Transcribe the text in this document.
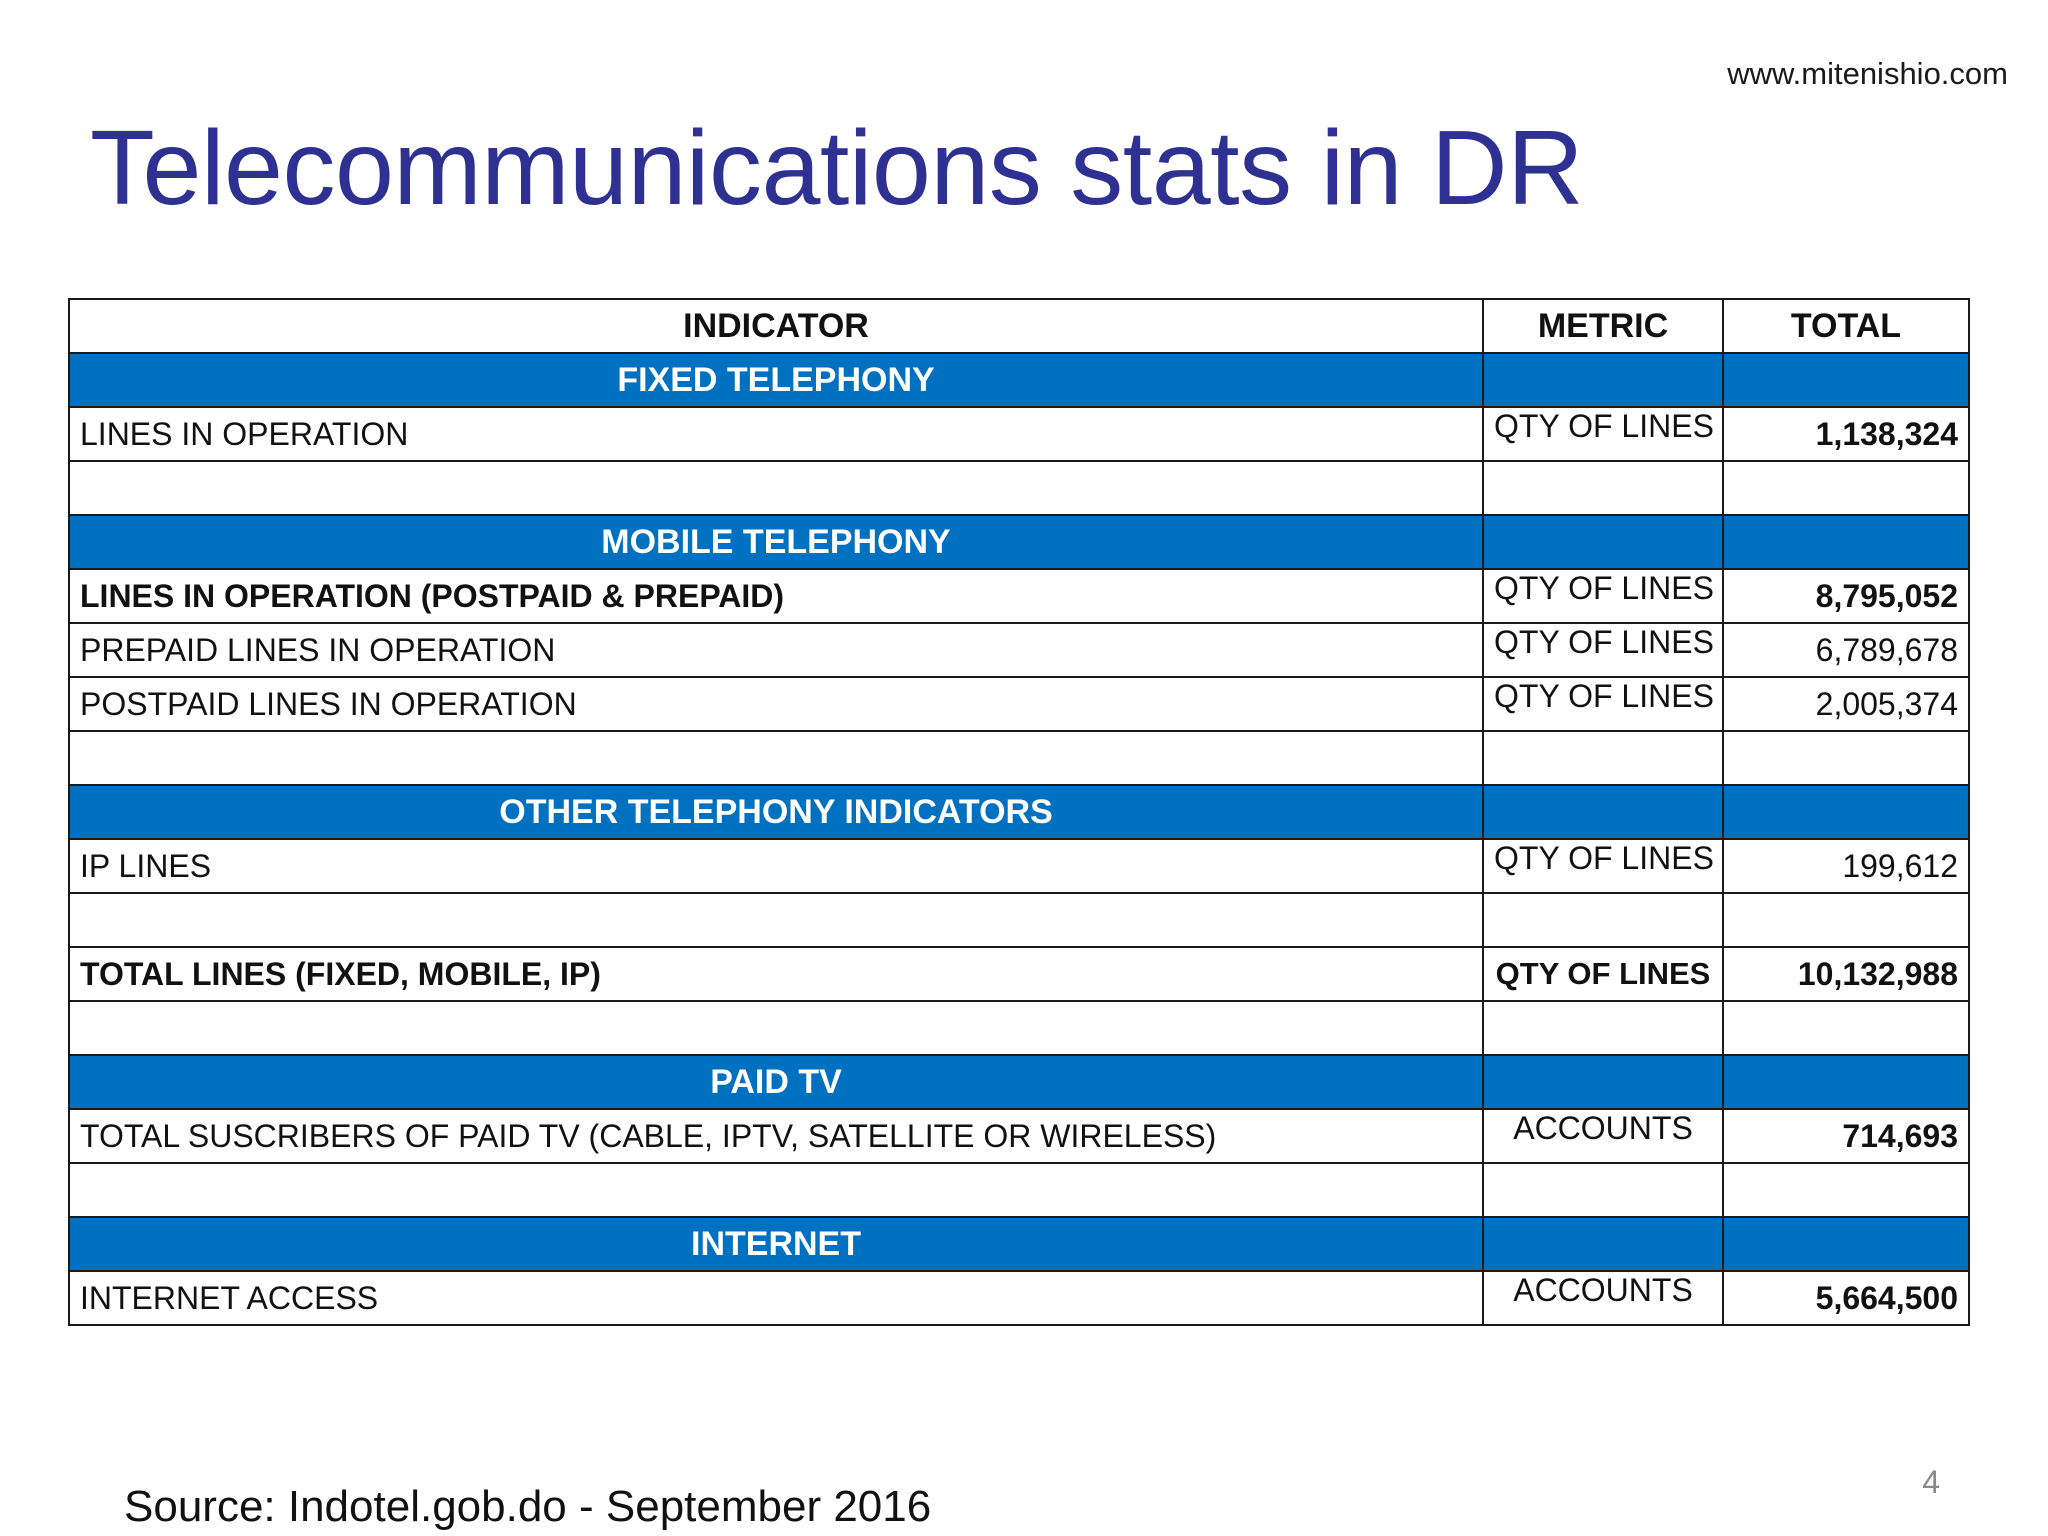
www.mitenishio.com
Telecommunications stats in DR
INDICATOR	METRIC	TOTAL
FIXED TELEPHONY		
LINES IN OPERATION	QTY OF LINES	1,138,324

MOBILE TELEPHONY		
LINES IN OPERATION (POSTPAID & PREPAID)	QTY OF LINES	8,795,052
PREPAID LINES IN OPERATION	QTY OF LINES	6,789,678
POSTPAID LINES IN OPERATION	QTY OF LINES	2,005,374

OTHER TELEPHONY INDICATORS		
IP LINES	QTY OF LINES	199,612

TOTAL LINES (FIXED, MOBILE, IP)	QTY OF LINES	10,132,988

PAID TV		
TOTAL SUSCRIBERS OF PAID TV (CABLE, IPTV, SATELLITE OR WIRELESS)	ACCOUNTS	714,693

INTERNET		
INTERNET ACCESS	ACCOUNTS	5,664,500
Source: Indotel.gob.do - September 2016	4
